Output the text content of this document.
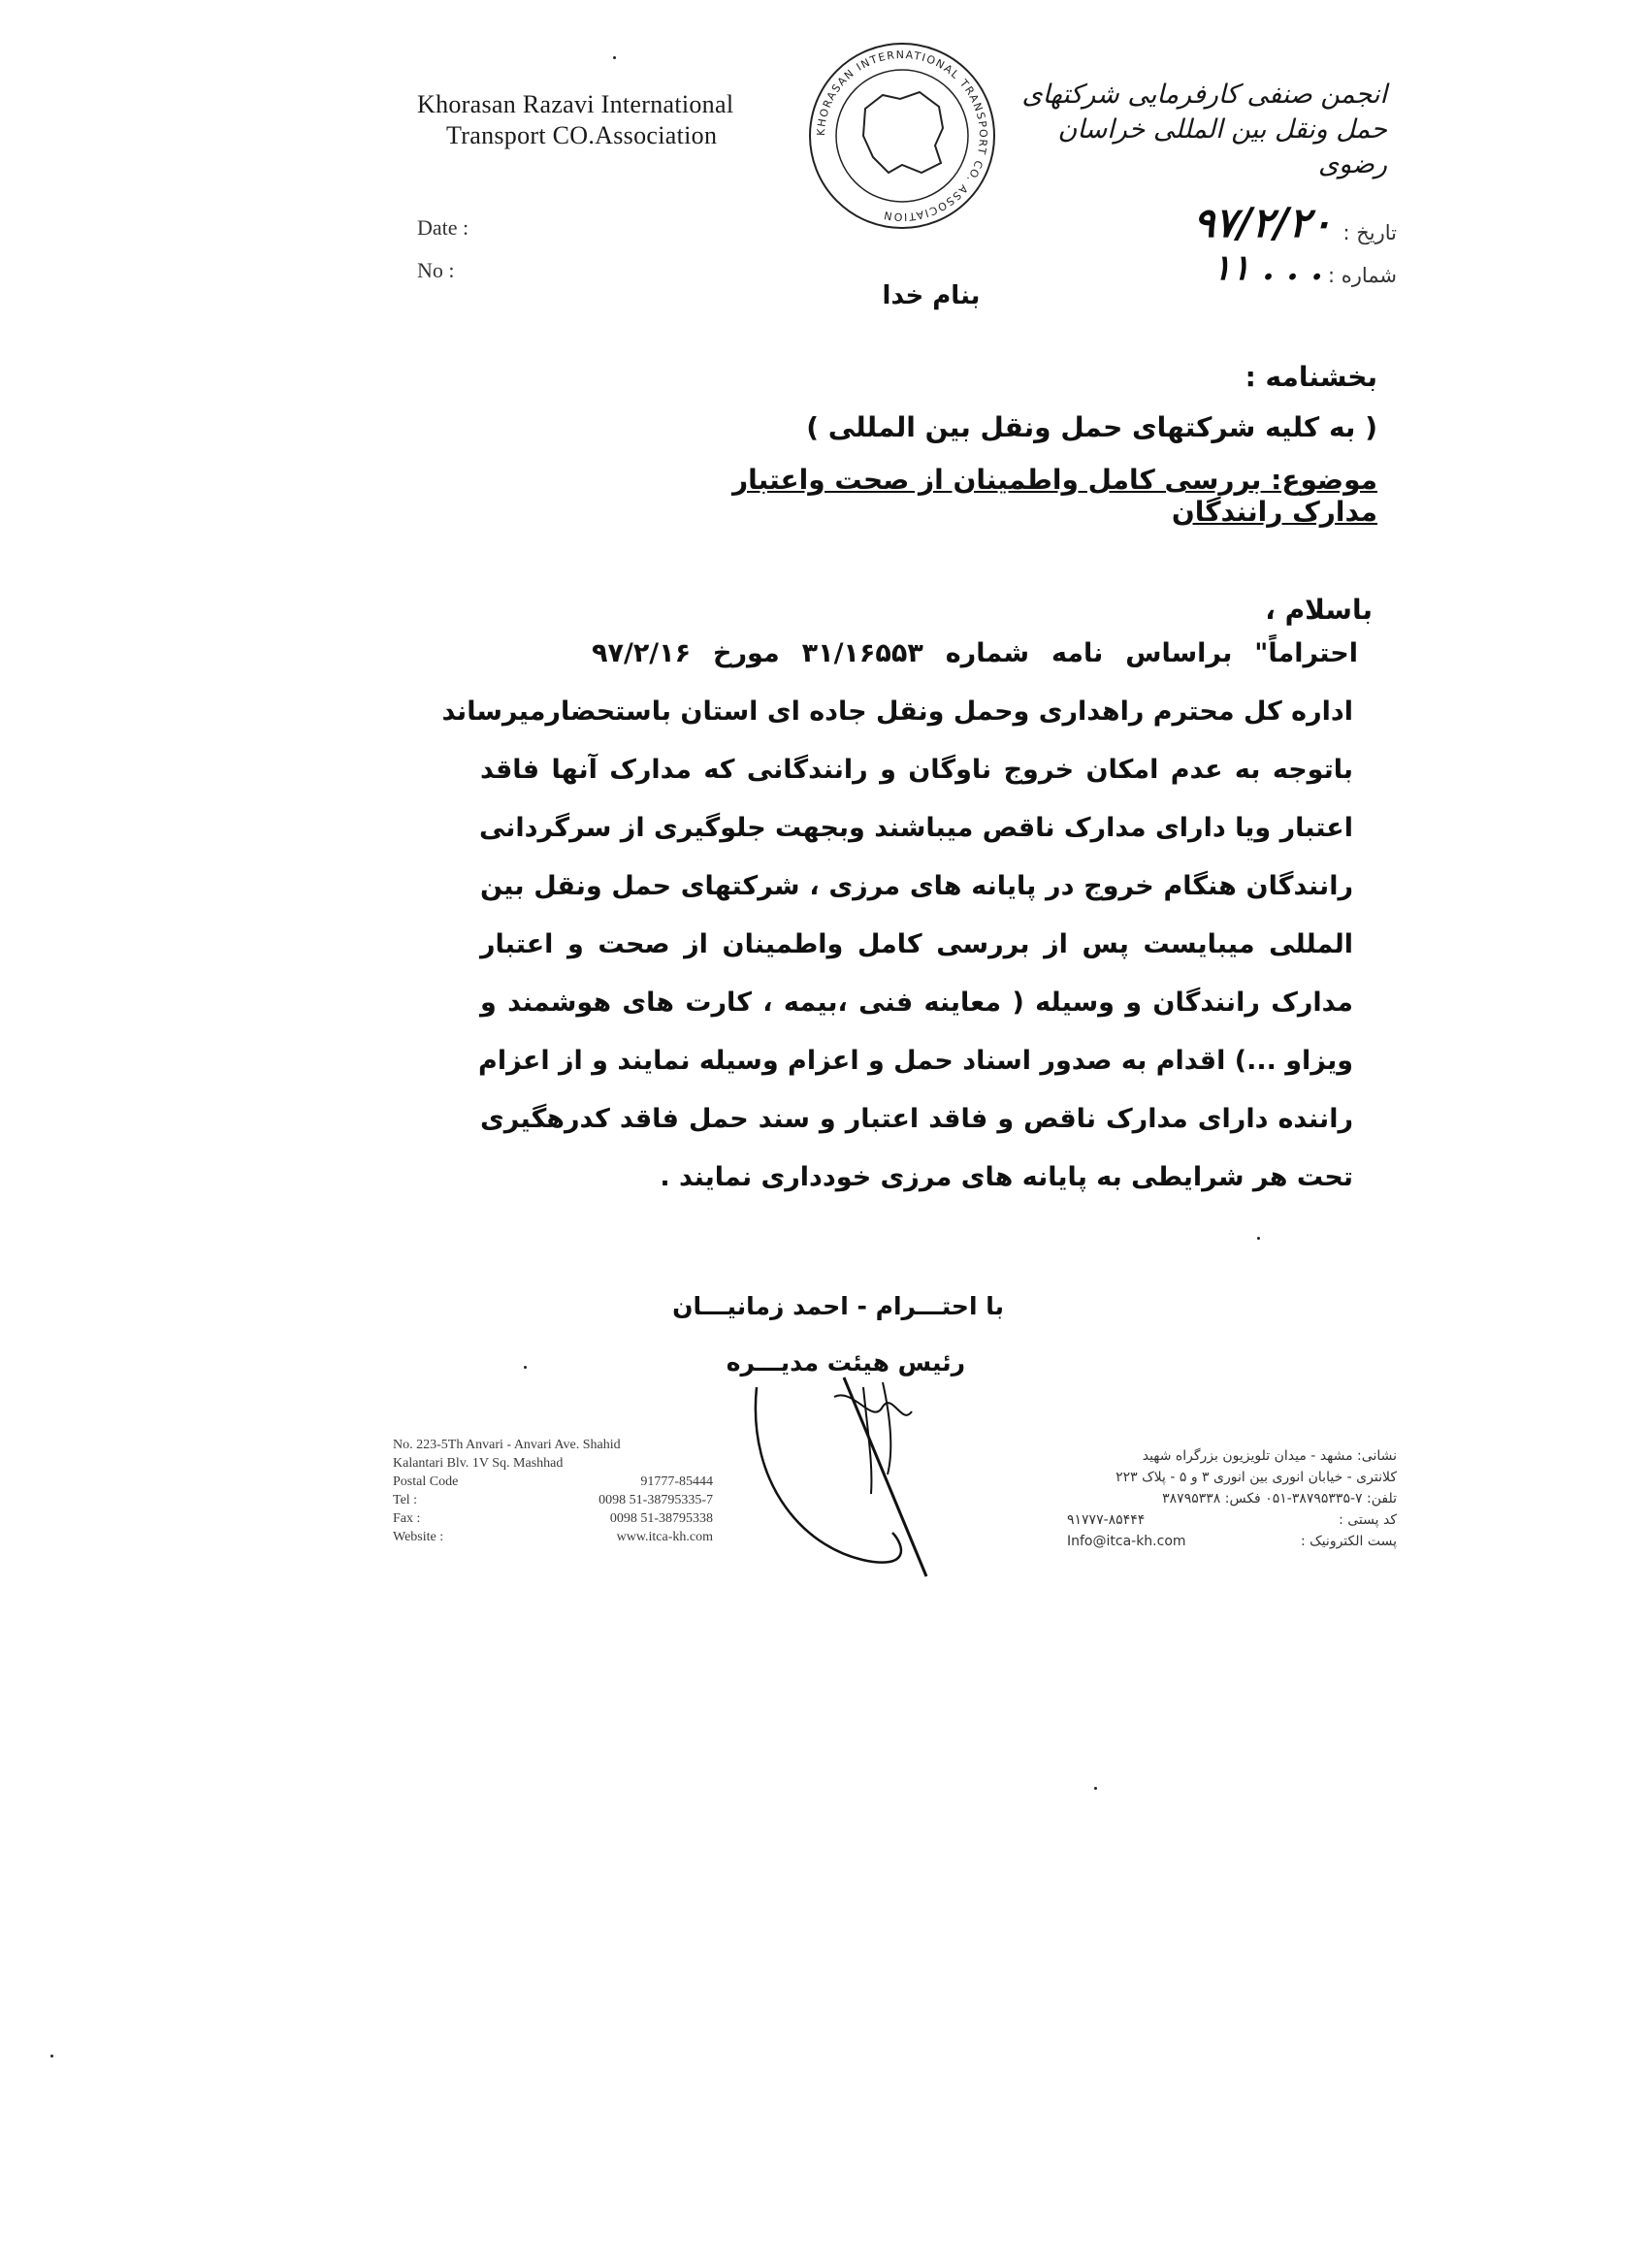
Khorasan Razavi International
Transport CO.Association	KHORASAN INTERNATIONAL TRANSPORT CO. ASSOCIATION
انجمن صنفی کارفرمایی شرکتهای حمل ونقل بین المللی خراسان رضوی
Date :
No :
تاریخ :
۹۷/۲/۲۰
شماره :
۱۱ . . .
بنام خدا
بخشنامه :
( به کلیه شرکتهای حمل ونقل بین المللی )
موضوع: بررسی کامل واطمینان از صحت واعتبار مدارک رانندگان
باسلام ،
احتراماً" براساس نامه شماره ۳۱/۱۶۵۵۳ مورخ ۹۷/۲/۱۶
اداره کل محترم راهداری وحمل ونقل جاده ای استان باستحضارمیرساند
باتوجه به عدم امکان خروج ناوگان و رانندگانی که مدارک آنها فاقد
اعتبار ویا دارای مدارک ناقص میباشند وبجهت جلوگیری از سرگردانی
رانندگان هنگام خروج در پایانه های مرزی ، شرکتهای حمل ونقل بین
المللی میبایست پس از بررسی کامل واطمینان از صحت و اعتبار
مدارک رانندگان و وسیله ( معاینه فنی ،بیمه ، کارت های هوشمند و
ویزاو ...) اقدام به صدور اسناد حمل و اعزام وسیله نمایند و از اعزام
راننده دارای مدارک ناقص و فاقد اعتبار و سند حمل فاقد کدرهگیری
تحت هر شرایطی به پایانه های مرزی خودداری نمایند .
با احتـــرام - احمد زمانیـــان
رئیس هیئت مدیـــره
No. 223-5Th Anvari - Anvari Ave. Shahid
Kalantari Blv. 1V Sq. Mashhad
Postal Code	91777-85444
Tel :	0098 51-38795335-7
Fax :	0098 51-38795338
Website :	www.itca-kh.com
نشانی: مشهد - میدان تلویزیون بزرگراه شهید
کلانتری - خیابان انوری بین انوری ۳ و ۵ - پلاک ۲۲۳
تلفن: ۷-۳۸۷۹۵۳۳۵-۰۵۱ فکس: ۳۸۷۹۵۳۳۸
کد پستی :
۹۱۷۷۷-۸۵۴۴۴
پست الکترونیک :
Info@itca-kh.com
